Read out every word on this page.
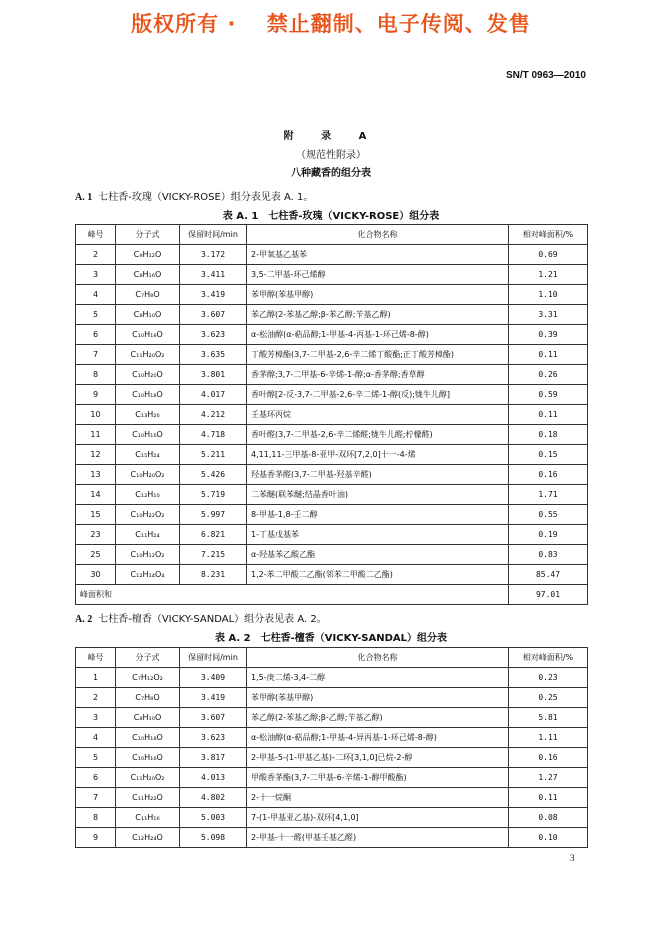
版权所有 ·　 禁止翻制、电子传阅、发售
SN/T 0963—2010
附 录 A
（规范性附录）
八种藏香的组分表
A. 1 七柱香-玫瑰（VICKY-ROSE）组分表见表 A. 1。
表 A. 1　七柱香-玫瑰（VICKY-ROSE）组分表
峰号	分子式	保留时间/min	化合物名称	相对峰面积/%
2	C₉H₁₂O	3.172	2-甲氧基乙基苯	0.69
3	C₈H₁₆O	3.411	3,5-二甲基-环己烯醇	1.21
4	C₇H₈O	3.419	苯甲醇(苯基甲醇)	1.10
5	C₈H₁₀O	3.607	苯乙醇(2-苯基乙醇;β-苯乙醇;苄基乙醇)	3.31
6	C₁₀H₁₈O	3.623	α-松油醇(α-萜品醇;1-甲基-4-丙基-1-环己烯-8-醇)	0.39
7	C₁₁H₂₀O₂	3.635	丁酸芳樟酯(3,7-二甲基-2,6-辛二烯丁酸酯;正丁酸芳樟酯)	0.11
8	C₁₀H₂₀O	3.801	香茅醇;3,7-二甲基-6-辛烯-1-醇;α-香茅醇;香草醇	0.26
9	C₁₀H₁₈O	4.017	香叶醇[2-反-3,7-二甲基-2,6-辛二烯-1-醇(反);牻牛儿醇]	0.59
10	C₁₃H₂₆	4.212	壬基环丙烷	0.11
11	C₁₀H₁₆O	4.718	香叶醛(3,7-二甲基-2,6-辛二烯醛;牻牛儿醛;柠檬醛)	0.18
12	C₁₅H₂₄	5.211	4,11,11-三甲基-8-亚甲-双环[7,2,0]十一-4-烯	0.15
13	C₁₀H₂₀O₂	5.426	羟基香茅醛(3,7-二甲基-羟基辛醛)	0.16
14	C₁₂H₁₀	5.719	二苯醚(联苯醚;结晶香叶油)	1.71
15	C₁₀H₂₂O₂	5.997	8-甲基-1,8-壬二醇	0.55
23	C₁₁H₂₄	6.821	1-丁基戊基苯	0.19
25	C₁₀H₁₂O₂	7.215	α-羟基苯乙酸乙酯	0.83
30	C₁₂H₁₄O₄	8.231	1,2-苯二甲酸二乙酯(邻苯二甲酸二乙酯)	85.47
峰面积和				97.01
A. 2 七柱香-檀香（VICKY-SANDAL）组分表见表 A. 2。
表 A. 2　七柱香-檀香（VICKY-SANDAL）组分表
峰号	分子式	保留时间/min	化合物名称	相对峰面积/%
1	C₇H₁₂O₂	3.409	1,5-庚二烯-3,4-二醇	0.23
2	C₇H₈O	3.419	苯甲醇(苯基甲醇)	0.25
3	C₈H₁₀O	3.607	苯乙醇(2-苯基乙醇;β-乙醇;苄基乙醇)	5.81
4	C₁₀H₁₈O	3.623	α-松油醇(α-萜品醇;1-甲基-4-异丙基-1-环己烯-8-醇)	1.11
5	C₁₀H₁₆O	3.817	2-甲基-5-(1-甲基乙基)-二环[3,1,0]已烷-2-醇	0.16
6	C₁₁H₂₀O₂	4.013	甲酸香茅酯(3,7-二甲基-6-辛烯-1-醇甲酸酯)	1.27
7	C₁₁H₂₂O	4.802	2-十一烷酮	0.11
8	C₁₁H₁₆	5.003	7-(1-甲基亚乙基)-双环[4,1,0]	0.08
9	C₁₂H₂₄O	5.098	2-甲基-十一醛(甲基壬基乙醛)	0.10
3
